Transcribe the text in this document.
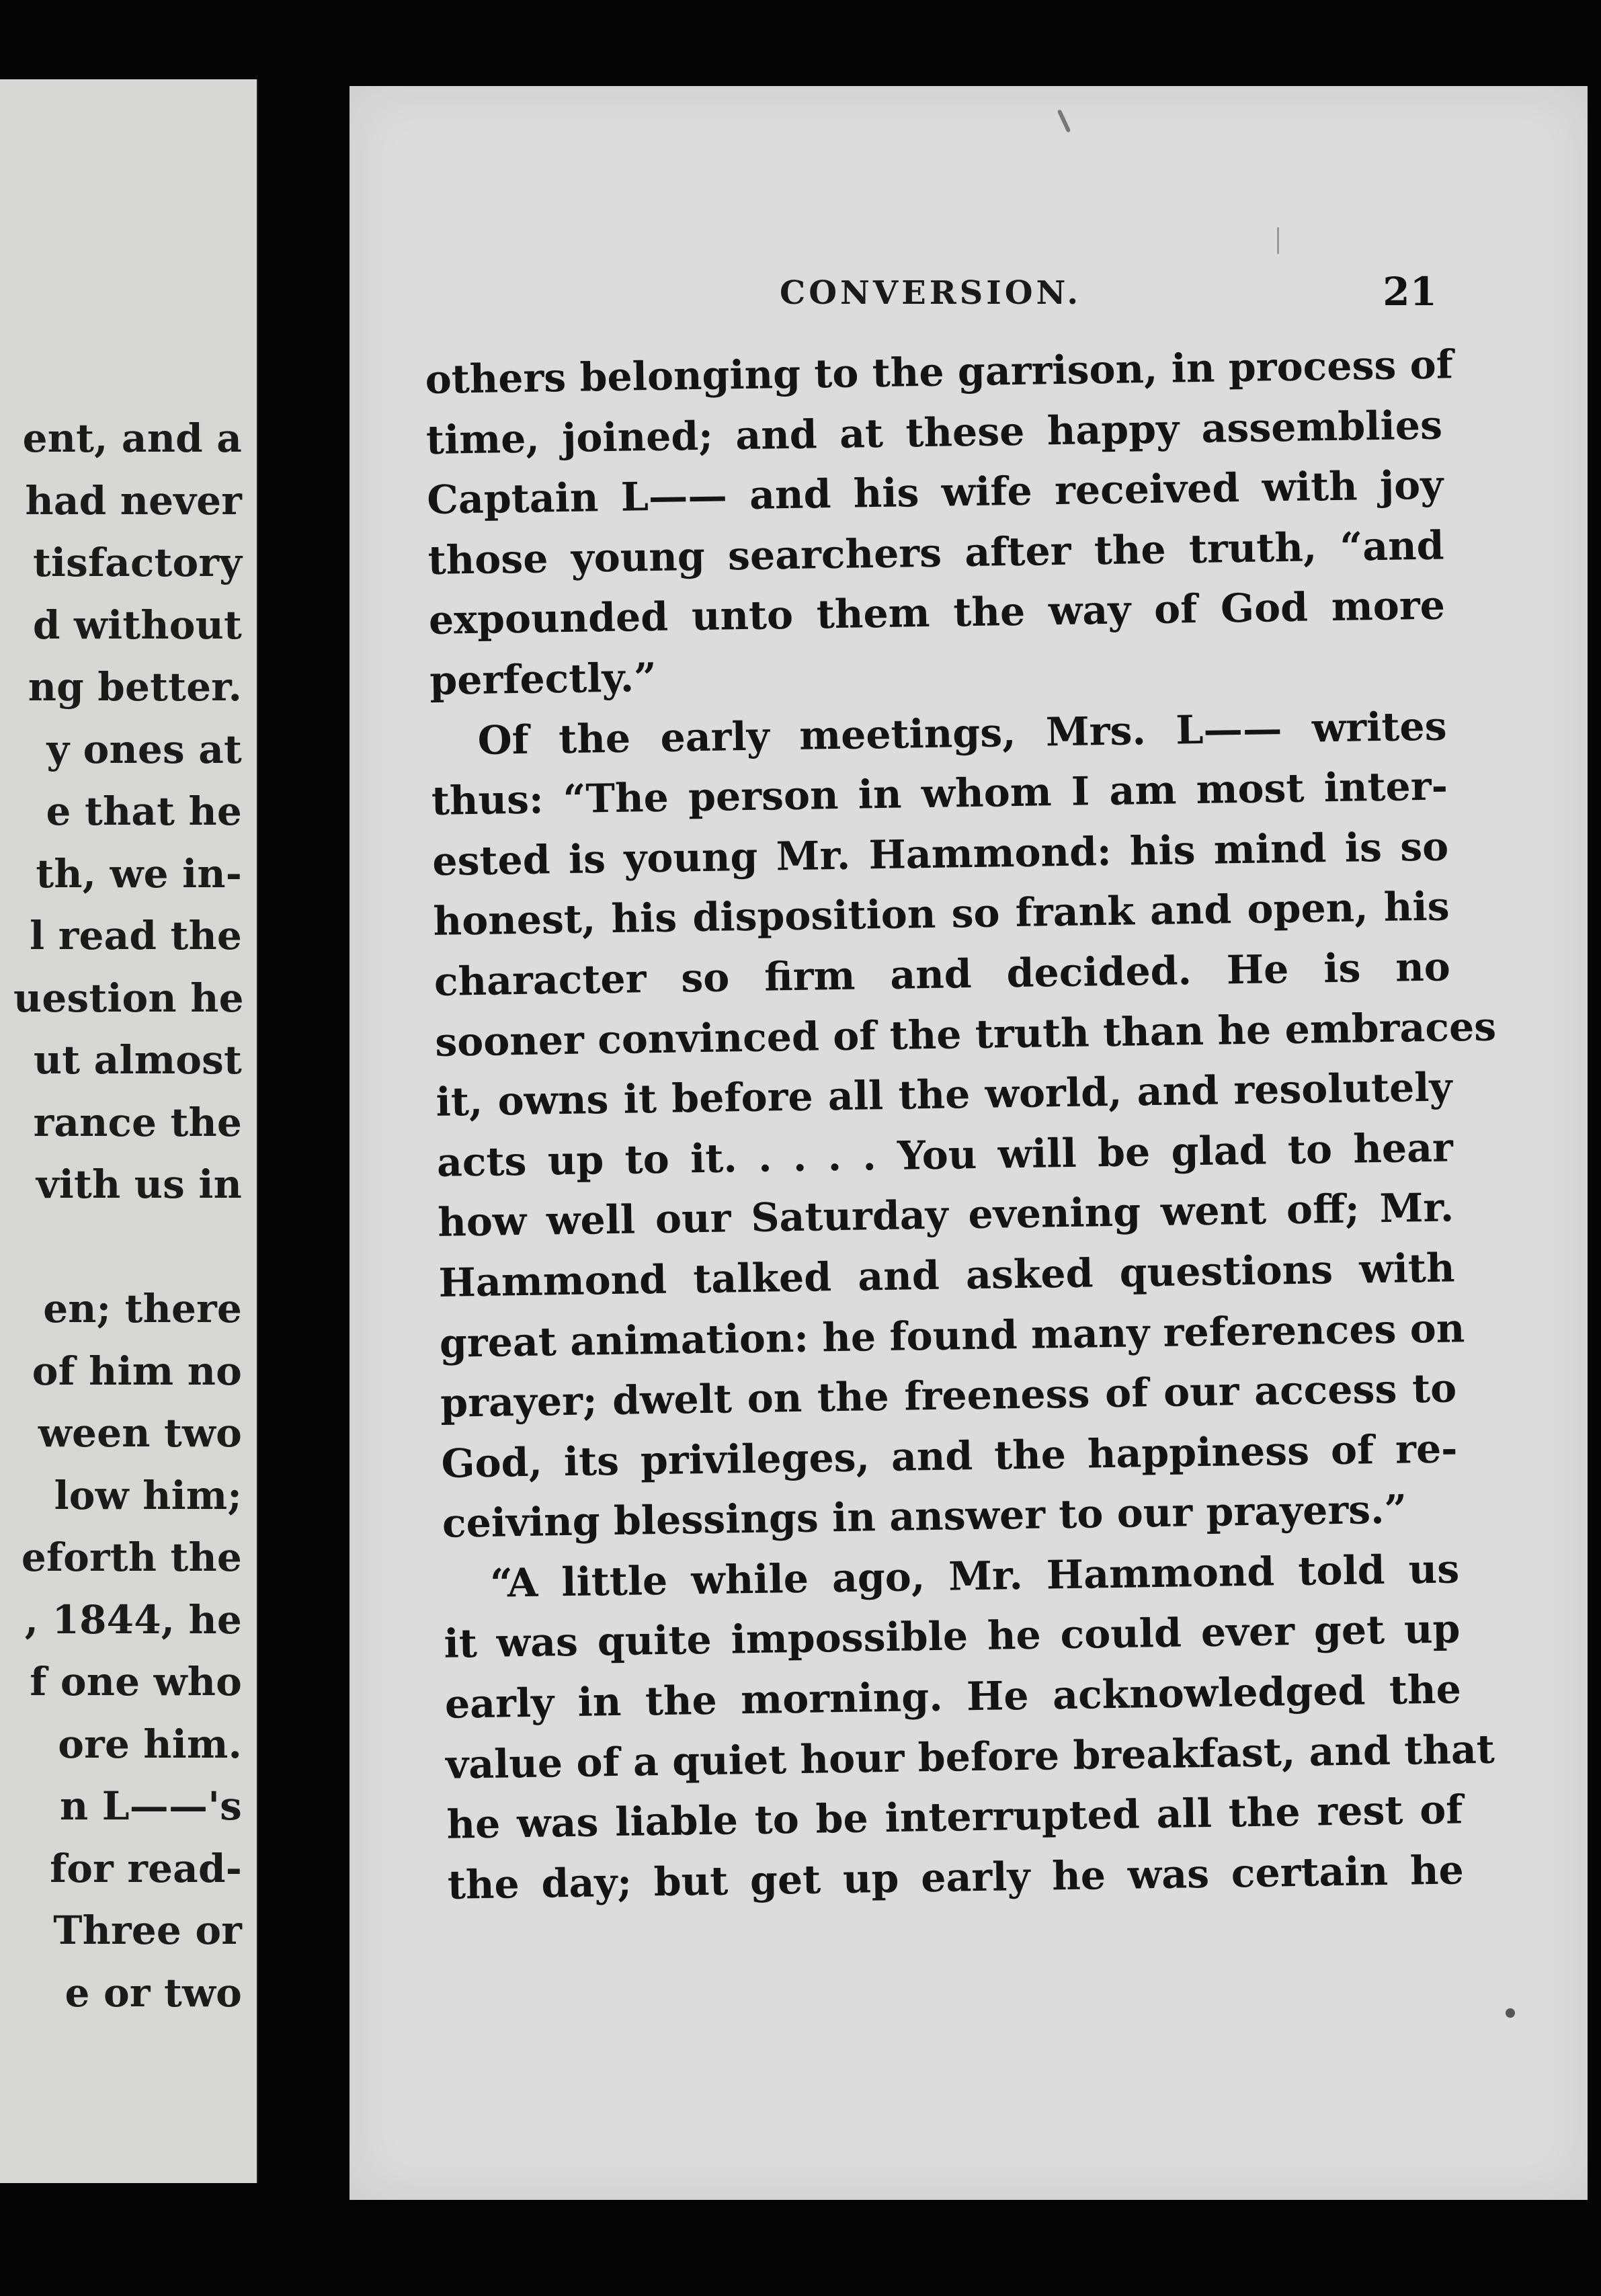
ent, and a
had never
tisfactory
d without
ng better.
y ones at
e that he
th, we in-
l read the
uestion he
ut almost
rance the
vith us in
en; there
of him no
ween two
low him;
eforth the
, 1844, he
f one who
ore him.
n L——'s
for read-
Three or
e or two
CONVERSION.	21
others belonging to the garrison, in process of
time, joined; and at these happy assemblies
Captain L—— and his wife received with joy
those young searchers after the truth, “and
expounded unto them the way of God more
perfectly.”
Of the early meetings, Mrs. L—— writes
thus: “The person in whom I am most inter-
ested is young Mr. Hammond: his mind is so
honest, his disposition so frank and open, his
character so firm and decided. He is no
sooner convinced of the truth than he embraces
it, owns it before all the world, and resolutely
acts up to it. . . . . You will be glad to hear
how well our Saturday evening went off; Mr.
Hammond talked and asked questions with
great animation: he found many references on
prayer; dwelt on the freeness of our access to
God, its privileges, and the happiness of re-
ceiving blessings in answer to our prayers.”
“A little while ago, Mr. Hammond told us
it was quite impossible he could ever get up
early in the morning. He acknowledged the
value of a quiet hour before breakfast, and that
he was liable to be interrupted all the rest of
the day; but get up early he was certain he
